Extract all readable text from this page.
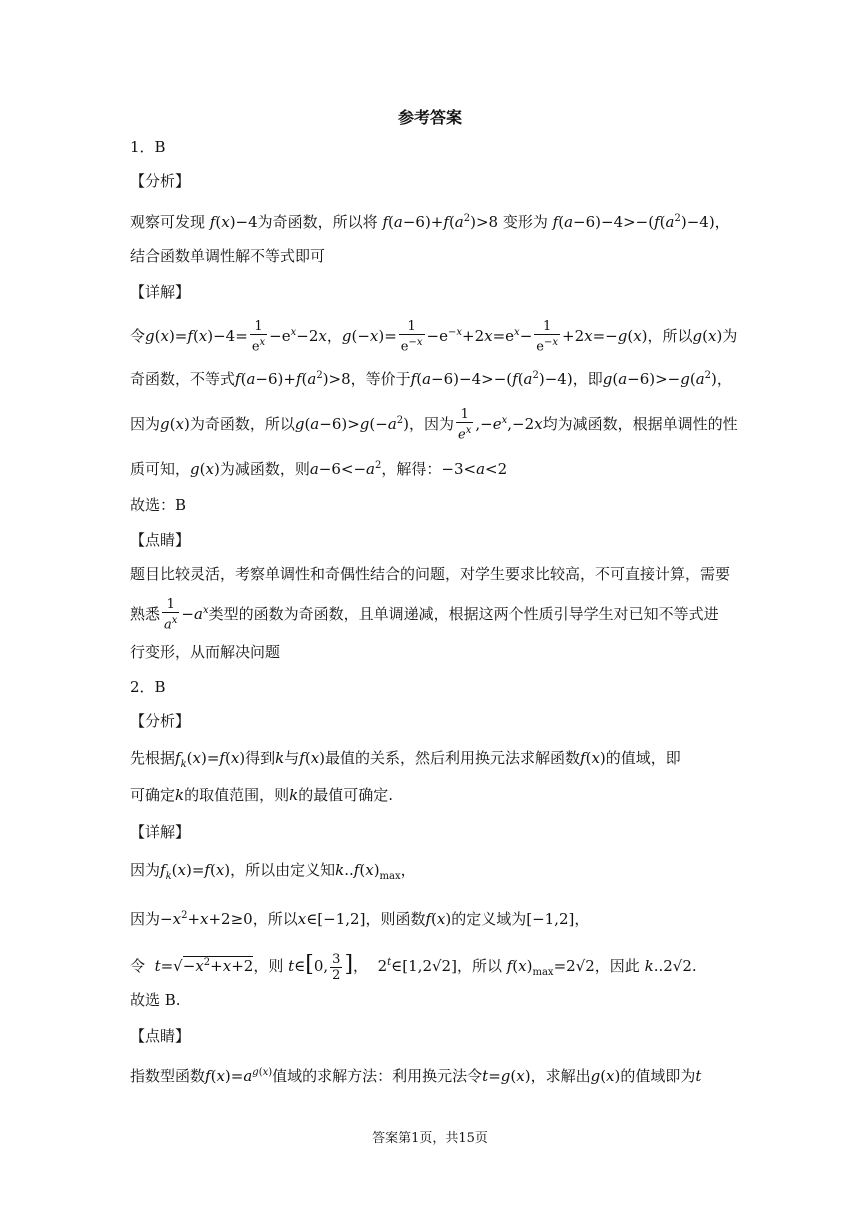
参考答案
1．B
【分析】
观察可发现 f(x)−4为奇函数，所以将 $f(a-6)+f(a^2)>8$ 变形为 $f(a-6)-4>-(f(a^2)-4)$，
结合函数单调性解不等式即可
【详解】
令$g(x)=f(x)-4= \frac{1}{e^x} -e^x-2x$，$g(-x)= \frac{1}{e^{-x}} -e^{-x}+2x=e^x- \frac{1}{e^{-x}} +2x=-g(x)$，所以g(x)为
奇函数，不等式$f(a-6)+f(a^2)>8$，等价于$f(a-6)-4>-(f(a^2)-4)$，即$g(a-6)>-g(a^2)$，
因为g(x)为奇函数，所以$g(a-6)>g(-a^2)$，因为 $\frac{1}{e^x} ,-e^x,-2x$均为减函数，根据单调性的性
质可知，g(x)为减函数，则$a-6<-a^2$，解得：−3<a<2
故选：B
【点睛】
题目比较灵活，考察单调性和奇偶性结合的问题，对学生要求比较高，不可直接计算，需要
熟悉 $\frac{1}{a^x} -a^x$类型的函数为奇函数，且单调递减，根据这两个性质引导学生对已知不等式进
行变形，从而解决问题
2．B
【分析】
先根据$f_k(x)=f(x)$得到k与f(x)最值的关系，然后利用换元法求解函数f(x)的值域，即
可确定k的取值范围，则k的最值可确定.
【详解】
因为$f_k(x)=f(x)$，所以由定义知$k..f(x)_{max}$，
因为$-x^2+x+2\ge 0$，所以x∈[−1,2]，则函数f(x)的定义域为[−1,2]，
令 $t=√-x^2+x+2$，则 t∈[0, $\frac{3}{2}$ ]，  2$^t$∈[1,2√2]，所以 $f(x)_{max}=2√2$，因此 k..2√2.
故选 B.
【点睛】
指数型函数$f(x)=a^{g(x)}$值域的求解方法：利用换元法令t=g(x)，求解出g(x)的值域即为t
答案第1页，共15页
